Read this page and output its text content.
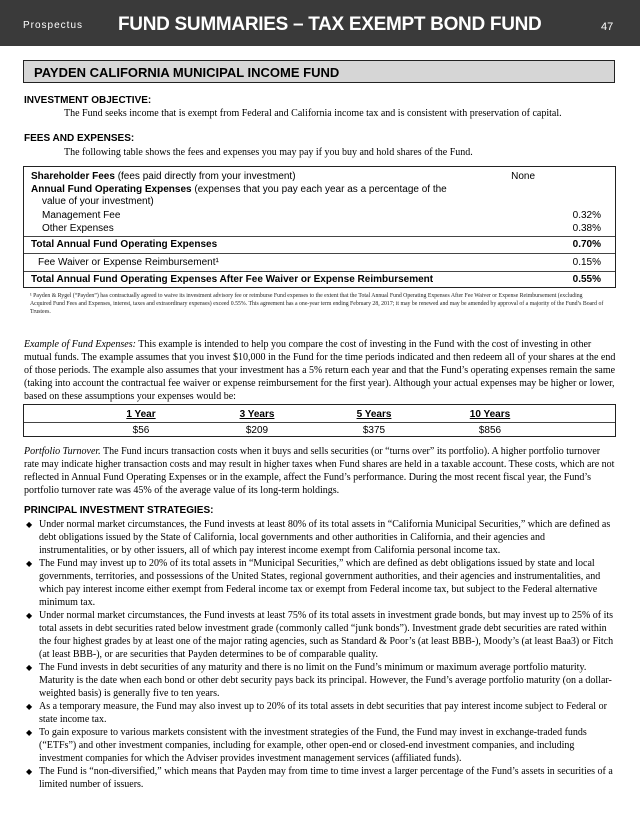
Prospectus FUND SUMMARIES – TAX EXEMPT BOND FUND	47
PAYDEN CALIFORNIA MUNICIPAL INCOME FUND
INVESTMENT OBJECTIVE:
The Fund seeks income that is exempt from Federal and California income tax and is consistent with preservation of capital.
FEES AND EXPENSES:
The following table shows the fees and expenses you may pay if you buy and hold shares of the Fund.
Shareholder Fees (fees paid directly from your investment)	None
Annual Fund Operating Expenses (expenses that you pay each year as a percentage of the
value of your investment)
Management Fee	0.32%
Other Expenses	0.38%
Total Annual Fund Operating Expenses	0.70%
Fee Waiver or Expense Reimbursement¹	0.15%
Total Annual Fund Operating Expenses After Fee Waiver or Expense Reimbursement	0.55%
¹ Payden & Rygel (“Payden”) has contractually agreed to waive its investment advisory fee or reimburse Fund expenses to the extent that the Total Annual Fund Operating Expenses After Fee Waiver or Expense Reimbursement (excluding Acquired Fund Fees and Expenses, interest, taxes and extraordinary expenses) exceed 0.55%. This agreement has a one-year term ending February 28, 2017; it may be renewed and may be amended by approval of a majority of the Fund’s Board of Trustees.
Example of Fund Expenses: This example is intended to help you compare the cost of investing in the Fund with the cost of investing in other mutual funds. The example assumes that you invest $10,000 in the Fund for the time periods indicated and then redeem all of your shares at the end of those periods. The example also assumes that your investment has a 5% return each year and that the Fund’s operating expenses remain the same (taking into account the contractual fee waiver or expense reimbursement for the first year). Although your actual expenses may be higher or lower, based on these assumptions your expenses would be:
1 Year	3 Years	5 Years	10 Years
$56	$209	$375	$856
Portfolio Turnover. The Fund incurs transaction costs when it buys and sells securities (or “turns over” its portfolio). A higher portfolio turnover rate may indicate higher transaction costs and may result in higher taxes when Fund shares are held in a taxable account. These costs, which are not reflected in Annual Fund Operating Expenses or in the example, affect the Fund’s performance. During the most recent fiscal year, the Fund’s portfolio turnover rate was 45% of the average value of its long-term holdings.
PRINCIPAL INVESTMENT STRATEGIES:
◆ Under normal market circumstances, the Fund invests at least 80% of its total assets in “California Municipal Securities,” which are defined as debt obligations issued by the State of California, local governments and other authorities in California, and their agencies and instrumentalities, or by other issuers, all of which pay interest income exempt from California personal income tax.
◆ The Fund may invest up to 20% of its total assets in “Municipal Securities,” which are defined as debt obligations issued by state and local governments, territories, and possessions of the United States, regional government authorities, and their agencies and instrumentalities, and which pay interest income either exempt from Federal income tax or exempt from Federal income tax, but subject to the Federal alternative minimum tax.
◆ Under normal market circumstances, the Fund invests at least 75% of its total assets in investment grade bonds, but may invest up to 25% of its total assets in debt securities rated below investment grade (commonly called “junk bonds”). Investment grade debt securities are rated within the four highest grades by at least one of the major rating agencies, such as Standard & Poor’s (at least BBB-), Moody’s (at least Baa3) or Fitch (at least BBB-), or are securities that Payden determines to be of comparable quality.
◆ The Fund invests in debt securities of any maturity and there is no limit on the Fund’s minimum or maximum average portfolio maturity. Maturity is the date when each bond or other debt security pays back its principal. However, the Fund’s average portfolio maturity (on a dollar-weighted basis) is generally five to ten years.
◆ As a temporary measure, the Fund may also invest up to 20% of its total assets in debt securities that pay interest income subject to Federal or state income tax.
◆ To gain exposure to various markets consistent with the investment strategies of the Fund, the Fund may invest in exchange-traded funds (“ETFs”) and other investment companies, including for example, other open-end or closed-end investment companies, and including investment companies for which the Adviser provides investment management services (affiliated funds).
◆ The Fund is “non-diversified,” which means that Payden may from time to time invest a larger percentage of the Fund’s assets in securities of a limited number of issuers.
